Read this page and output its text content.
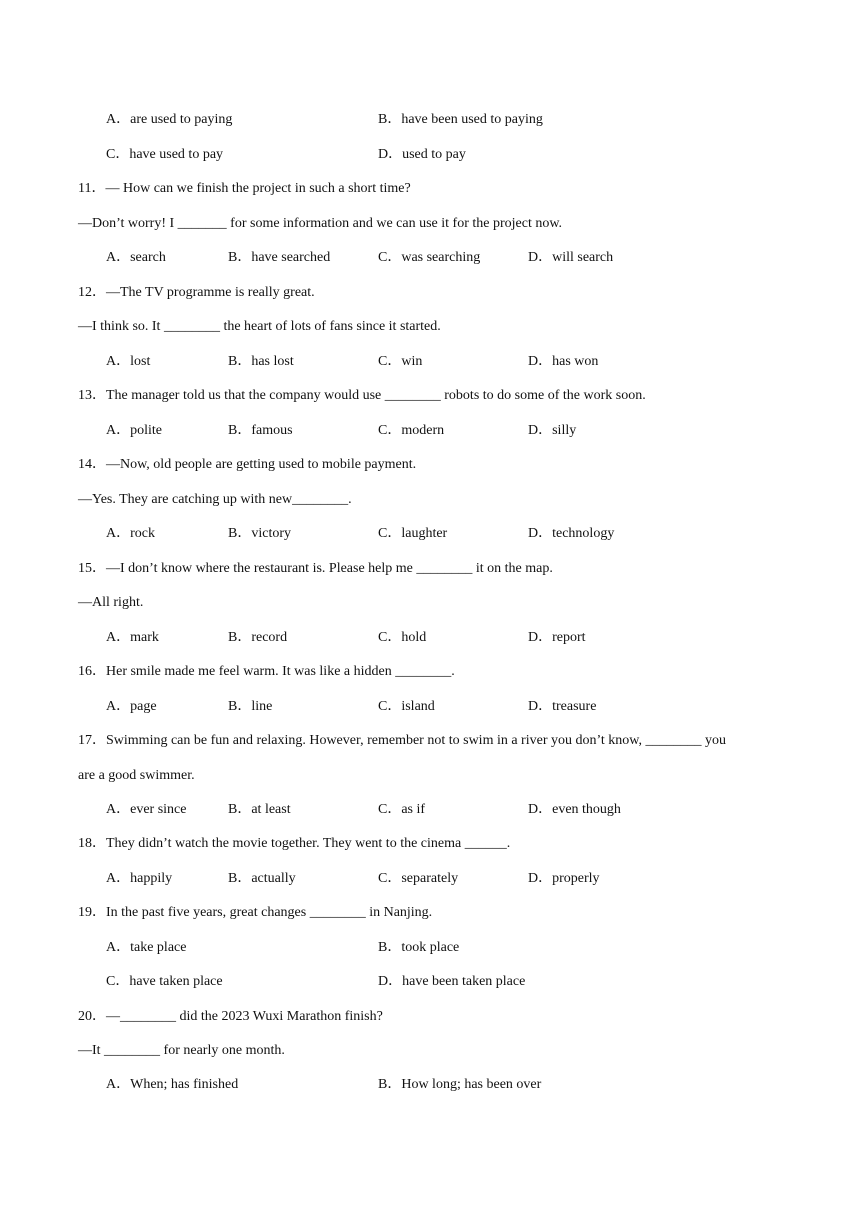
A．are used to paying	B．have been used to paying
C．have used to pay	D．used to pay
11．— How can we finish the project in such a short time?
—Don’t worry! I _______ for some information and we can use it for the project now.
A．search	B．have searched	C．was searching	D．will search
12．—The TV programme is really great.
—I think so. It ________ the heart of lots of fans since it started.
A．lost	B．has lost	C．win	D．has won
13．The manager told us that the company would use ________ robots to do some of the work soon.
A．polite	B．famous	C．modern	D．silly
14．—Now, old people are getting used to mobile payment.
—Yes. They are catching up with new________.
A．rock	B．victory	C．laughter	D．technology
15．—I don’t know where the restaurant is. Please help me ________ it on the map.
—All right.
A．mark	B．record	C．hold	D．report
16．Her smile made me feel warm. It was like a hidden ________.
A．page	B．line	C．island	D．treasure
17．Swimming can be fun and relaxing. However, remember not to swim in a river you don’t know, ________ you
are a good swimmer.
A．ever since	B．at least	C．as if	D．even though
18．They didn’t watch the movie together. They went to the cinema ______.
A．happily	B．actually	C．separately	D．properly
19．In the past five years, great changes ________ in Nanjing.
A．take place	B．took place
C．have taken place	D．have been taken place
20．—________ did the 2023 Wuxi Marathon finish?
—It ________ for nearly one month.
A．When; has finished	B．How long; has been over
